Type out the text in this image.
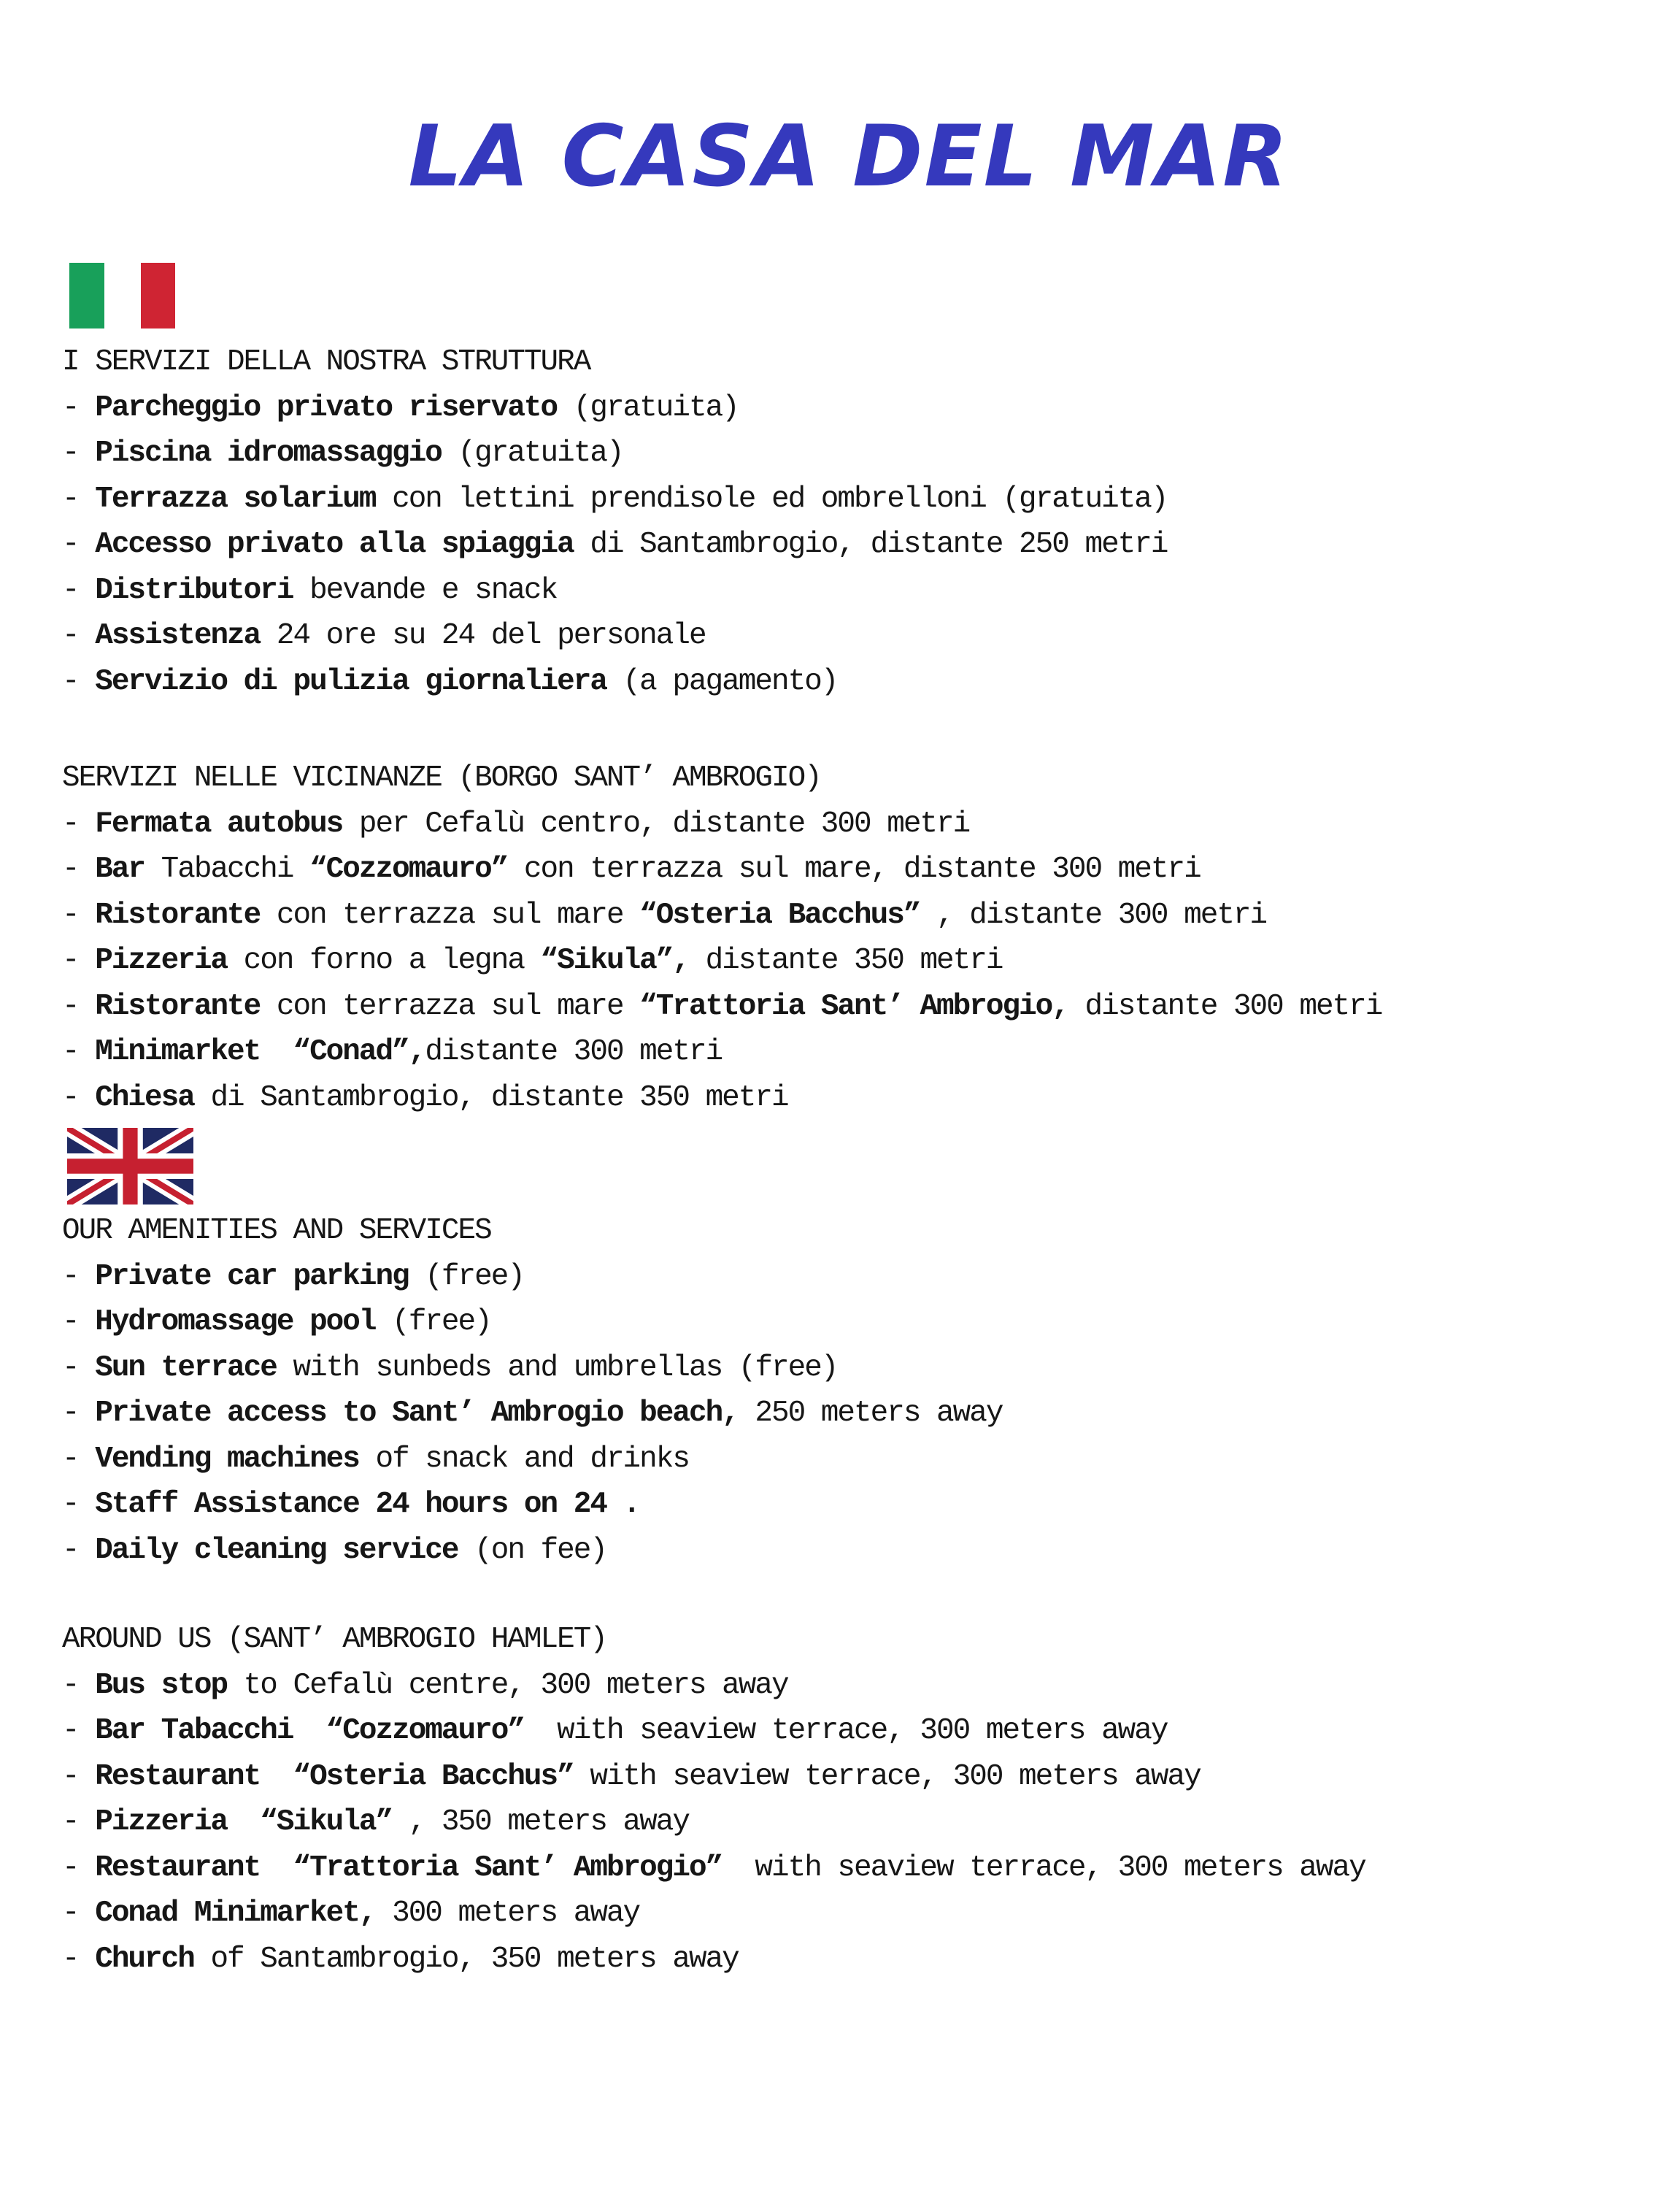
LA CASA DEL MAR
I SERVIZI DELLA NOSTRA STRUTTURA
- Parcheggio privato riservato (gratuita)
- Piscina idromassaggio (gratuita)
- Terrazza solarium con lettini prendisole ed ombrelloni (gratuita)
- Accesso privato alla spiaggia di Santambrogio, distante 250 metri
- Distributori bevande e snack
- Assistenza 24 ore su 24 del personale
- Servizio di pulizia giornaliera (a pagamento)
SERVIZI NELLE VICINANZE (BORGO SANT’ AMBROGIO)
- Fermata autobus per Cefalù centro, distante 300 metri
- Bar Tabacchi “Cozzomauro” con terrazza sul mare, distante 300 metri
- Ristorante con terrazza sul mare “Osteria Bacchus” , distante 300 metri
- Pizzeria con forno a legna “Sikula”, distante 350 metri
- Ristorante con terrazza sul mare “Trattoria Sant’ Ambrogio, distante 300 metri
- Minimarket  “Conad”,distante 300 metri
- Chiesa di Santambrogio, distante 350 metri
OUR AMENITIES AND SERVICES
- Private car parking (free)
- Hydromassage pool (free)
- Sun terrace with sunbeds and umbrellas (free)
- Private access to Sant’ Ambrogio beach, 250 meters away
- Vending machines of snack and drinks
- Staff Assistance 24 hours on 24 .
- Daily cleaning service (on fee)
AROUND US (SANT’ AMBROGIO HAMLET)
- Bus stop to Cefalù centre, 300 meters away
- Bar Tabacchi  “Cozzomauro”  with seaview terrace, 300 meters away
- Restaurant  “Osteria Bacchus” with seaview terrace, 300 meters away
- Pizzeria  “Sikula” , 350 meters away
- Restaurant  “Trattoria Sant’ Ambrogio”  with seaview terrace, 300 meters away
- Conad Minimarket, 300 meters away
- Church of Santambrogio, 350 meters away
